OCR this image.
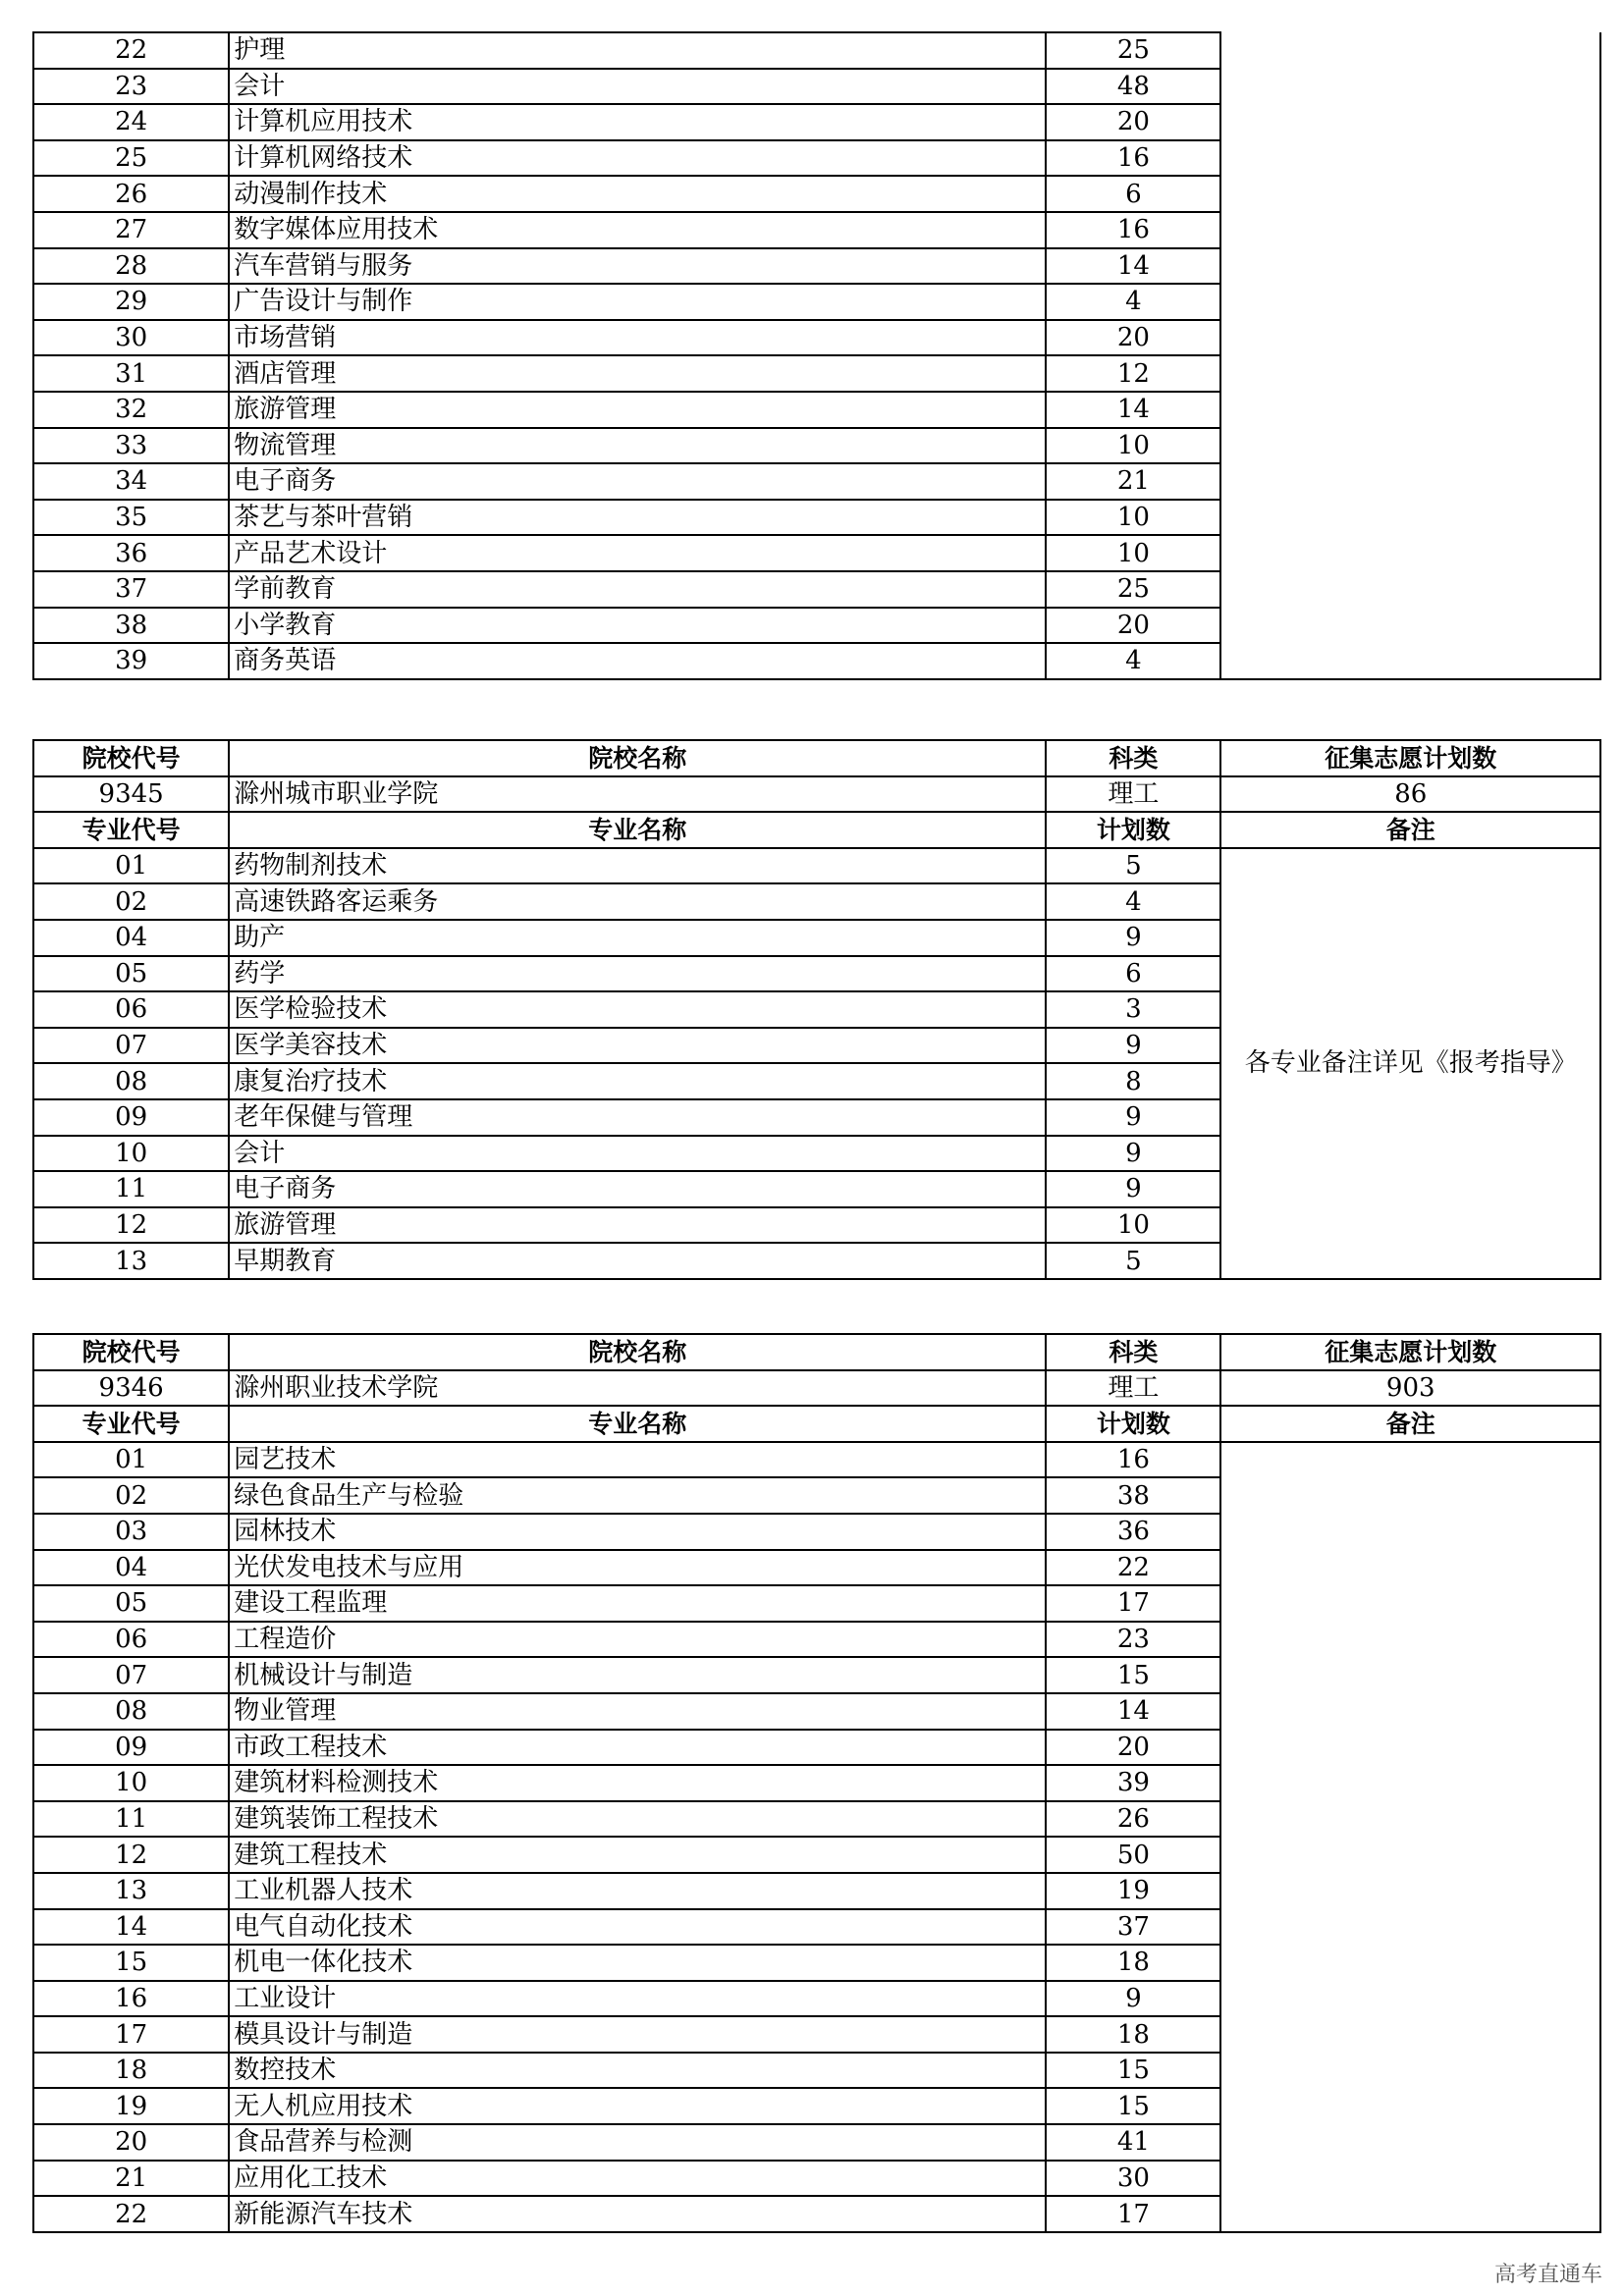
22	护理	25	
23	会计	48	
24	计算机应用技术	20	
25	计算机网络技术	16	
26	动漫制作技术	6	
27	数字媒体应用技术	16	
28	汽车营销与服务	14	
29	广告设计与制作	4	
30	市场营销	20	
31	酒店管理	12	
32	旅游管理	14	
33	物流管理	10	
34	电子商务	21	
35	茶艺与茶叶营销	10	
36	产品艺术设计	10	
37	学前教育	25	
38	小学教育	20	
39	商务英语	4	
院校代号	院校名称	科类	征集志愿计划数
9345	滁州城市职业学院	理工	86
专业代号	专业名称	计划数	备注
01	药物制剂技术	5	各专业备注详见《报考指导》
02	高速铁路客运乘务	4	
04	助产	9	
05	药学	6	
06	医学检验技术	3	
07	医学美容技术	9	
08	康复治疗技术	8	
09	老年保健与管理	9	
10	会计	9	
11	电子商务	9	
12	旅游管理	10	
13	早期教育	5	
院校代号	院校名称	科类	征集志愿计划数
9346	滁州职业技术学院	理工	903
专业代号	专业名称	计划数	备注
01	园艺技术	16	
02	绿色食品生产与检验	38	
03	园林技术	36	
04	光伏发电技术与应用	22	
05	建设工程监理	17	
06	工程造价	23	
07	机械设计与制造	15	
08	物业管理	14	
09	市政工程技术	20	
10	建筑材料检测技术	39	
11	建筑装饰工程技术	26	
12	建筑工程技术	50	
13	工业机器人技术	19	
14	电气自动化技术	37	
15	机电一体化技术	18	
16	工业设计	9	
17	模具设计与制造	18	
18	数控技术	15	
19	无人机应用技术	15	
20	食品营养与检测	41	
21	应用化工技术	30	
22	新能源汽车技术	17	
高考直通车
